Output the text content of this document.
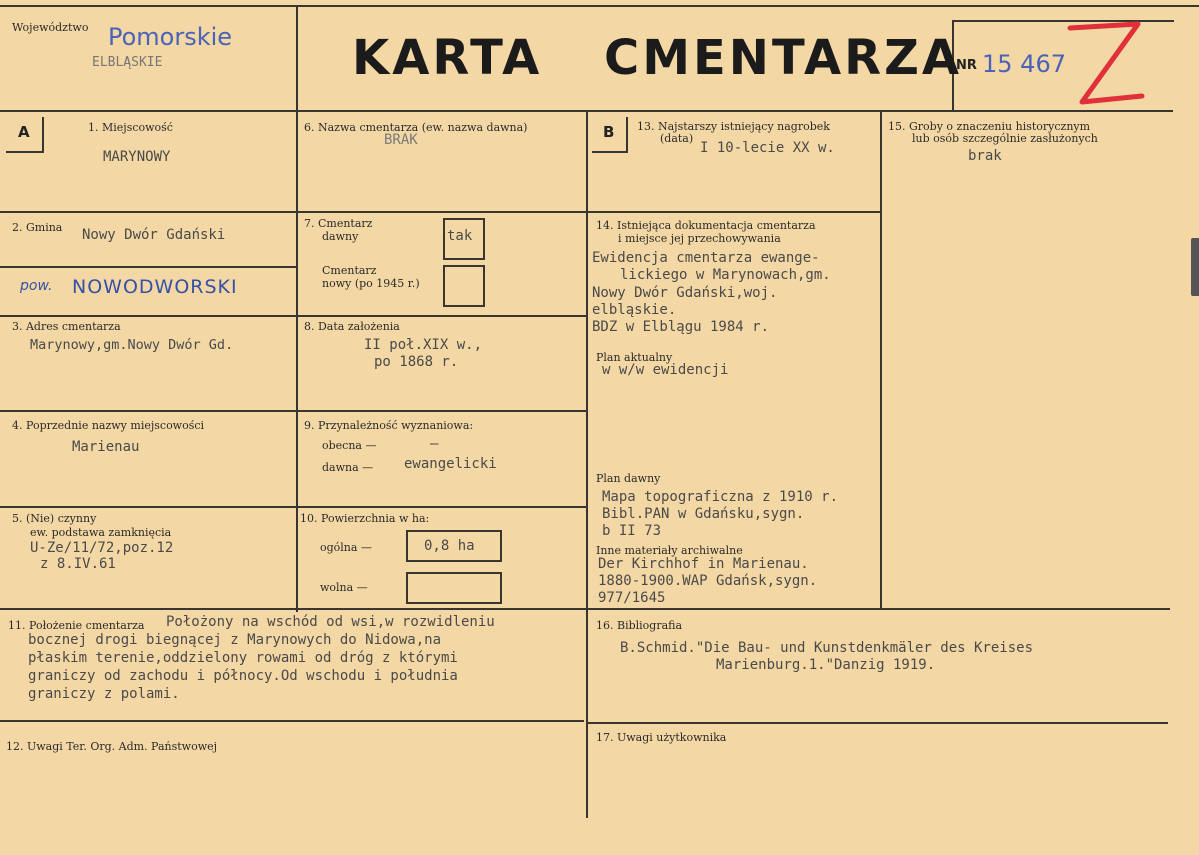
Województwo Pomorskie
ELBLĄSKIE	KARTA CMENTARZA
NR 15 467
A	1. Miejscowość
MARYNOWY
2. Gmina Nowy Dwór Gdański
pow. NOWODWORSKI
3. Adres cmentarza
Marynowy,gm.Nowy Dwór Gd.
4. Poprzednie nazwy miejscowości
Marienau
5. (Nie) czynny
ew. podstawa zamknięcia
U-Ze/11/72,poz.12
z 8.IV.61
6. Nazwa cmentarza (ew. nazwa dawna)
BRAK
7. Cmentarz
dawny	tak
Cmentarz
nowy (po 1945 r.)
8. Data założenia
II poł.XIX w.,
po 1868 r.
9. Przynależność wyznaniowa:
obecna —	–
dawna — ewangelicki
10. Powierzchnia w ha:
ogólna —	0,8 ha
wolna —
B 13. Najstarszy istniejący nagrobek
(data)
I 10-lecie XX w.
14. Istniejąca dokumentacja cmentarza
i miejsce jej przechowywania
Ewidencja cmentarza ewange-
lickiego w Marynowach,gm.
Nowy Dwór Gdański,woj.
elbląskie.
BDZ w Elblągu 1984 r.
Plan aktualny
w w/w ewidencji
Plan dawny
Mapa topograficzna z 1910 r.
Bibl.PAN w Gdańsku,sygn.
b II 73
Inne materiały archiwalne
Der Kirchhof in Marienau.
1880-1900.WAP Gdańsk,sygn.
977/1645
15. Groby o znaczeniu historycznym
lub osób szczególnie zasłużonych
brak
11. Położenie cmentarza Położony na wschód od wsi,w rozwidleniu
bocznej drogi biegnącej z Marynowych do Nidowa,na
płaskim terenie,oddzielony rowami od dróg z którymi
graniczy od zachodu i północy.Od wschodu i południa
graniczy z polami.
16. Bibliografia
B.Schmid."Die Bau- und Kunstdenkmäler des Kreises
Marienburg.1."Danzig 1919.
12. Uwagi Ter. Org. Adm. Państwowej
17. Uwagi użytkownika
